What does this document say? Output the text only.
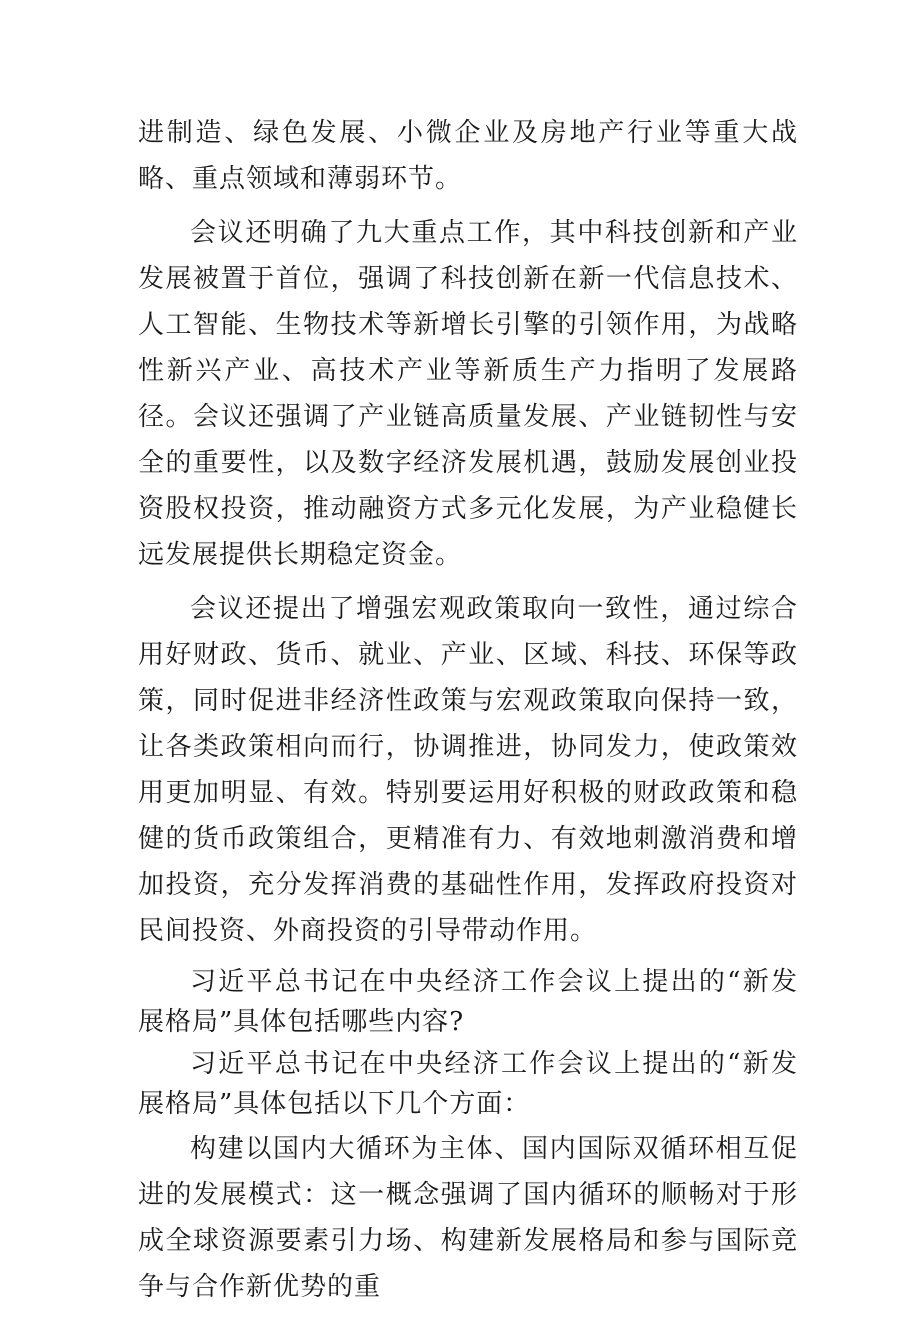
进制造、绿色发展、小微企业及房地产行业等重大战略、重点领域和薄弱环节。

会议还明确了九大重点工作，其中科技创新和产业发展被置于首位，强调了科技创新在新一代信息技术、人工智能、生物技术等新增长引擎的引领作用，为战略性新兴产业、高技术产业等新质生产力指明了发展路径。会议还强调了产业链高质量发展、产业链韧性与安全的重要性，以及数字经济发展机遇，鼓励发展创业投资股权投资，推动融资方式多元化发展，为产业稳健长远发展提供长期稳定资金。

会议还提出了增强宏观政策取向一致性，通过综合用好财政、货币、就业、产业、区域、科技、环保等政策，同时促进非经济性政策与宏观政策取向保持一致，让各类政策相向而行，协调推进，协同发力，使政策效用更加明显、有效。特别要运用好积极的财政政策和稳健的货币政策组合，更精准有力、有效地刺激消费和增加投资，充分发挥消费的基础性作用，发挥政府投资对民间投资、外商投资的引导带动作用。

习近平总书记在中央经济工作会议上提出的“新发展格局”具体包括哪些内容?

习近平总书记在中央经济工作会议上提出的“新发展格局”具体包括以下几个方面：

构建以国内大循环为主体、国内国际双循环相互促进的发展模式：这一概念强调了国内循环的顺畅对于形成全球资源要素引力场、构建新发展格局和参与国际竞争与合作新优势的重
